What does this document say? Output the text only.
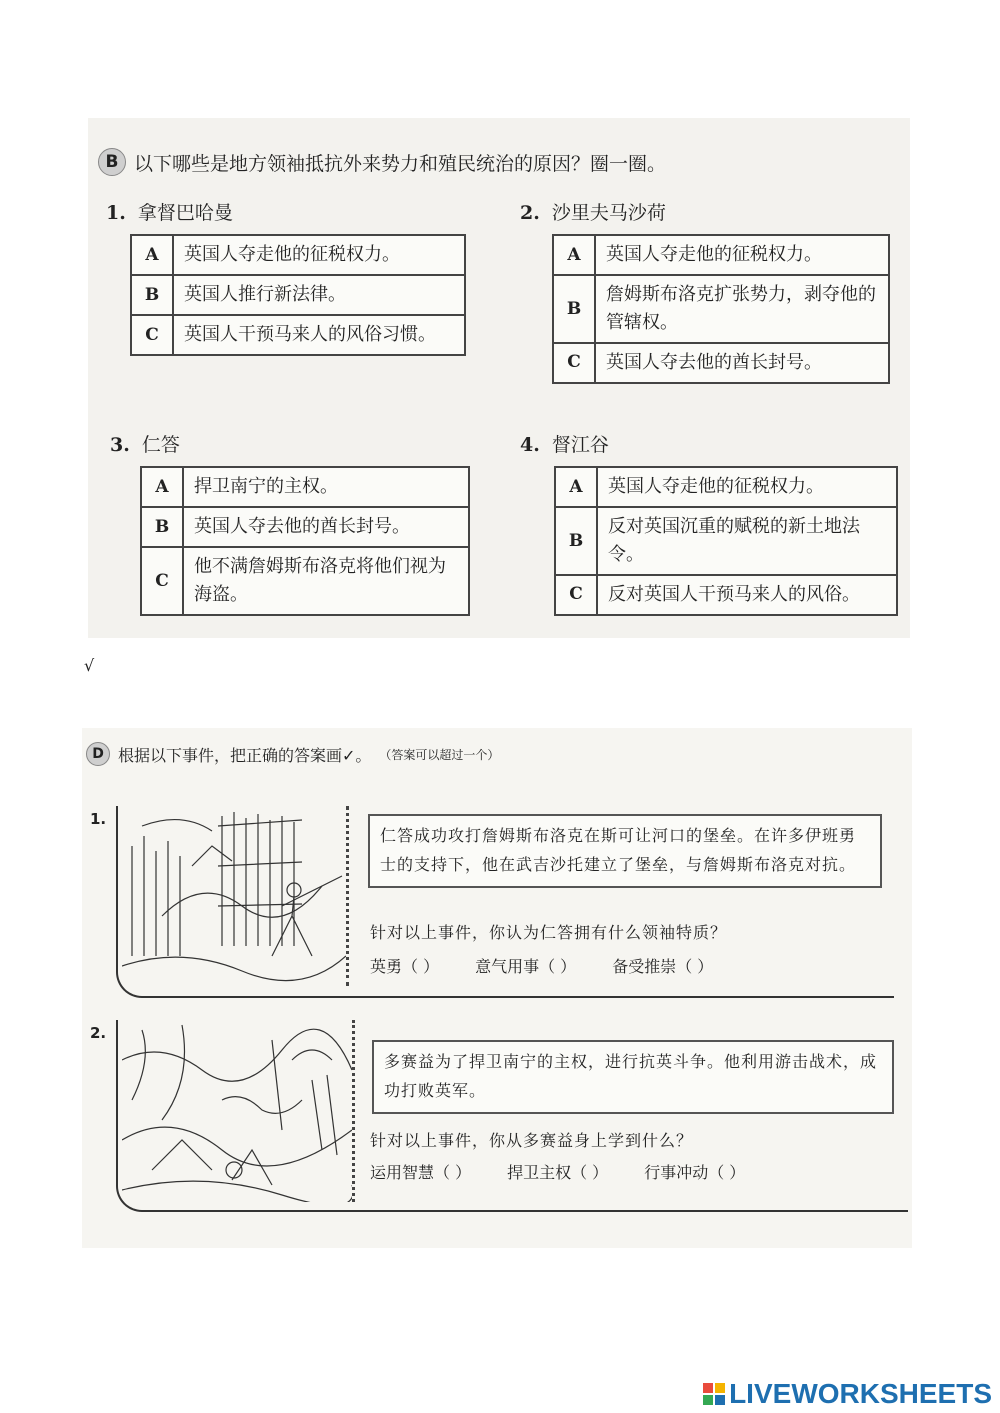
B 以下哪些是地方领袖抵抗外来势力和殖民统治的原因？圈一圈。
1. 拿督巴哈曼
A	英国人夺走他的征税权力。
B	英国人推行新法律。
C	英国人干预马来人的风俗习惯。
2. 沙里夫马沙荷
A	英国人夺走他的征税权力。
B	詹姆斯布洛克扩张势力，剥夺他的管辖权。
C	英国人夺去他的酋长封号。
3. 仁答
A	捍卫南宁的主权。
B	英国人夺去他的酋长封号。
C	他不满詹姆斯布洛克将他们视为海盗。
4. 督江谷
A	英国人夺走他的征税权力。
B	反对英国沉重的赋税的新土地法令。
C	反对英国人干预马来人的风俗。
√
D 根据以下事件，把正确的答案画✓。 （答案可以超过一个）
1.
仁答成功攻打詹姆斯布洛克在斯可让河口的堡垒。在许多伊班勇士的支持下，他在武吉沙托建立了堡垒，与詹姆斯布洛克对抗。
针对以上事件，你认为仁答拥有什么领袖特质？
英勇（ ） 意气用事（ ） 备受推崇（ ）
2.
多赛益为了捍卫南宁的主权，进行抗英斗争。他利用游击战术，成功打败英军。
针对以上事件，你从多赛益身上学到什么？
运用智慧（ ） 捍卫主权（ ） 行事冲动（ ）
LIVEWORKSHEETS
